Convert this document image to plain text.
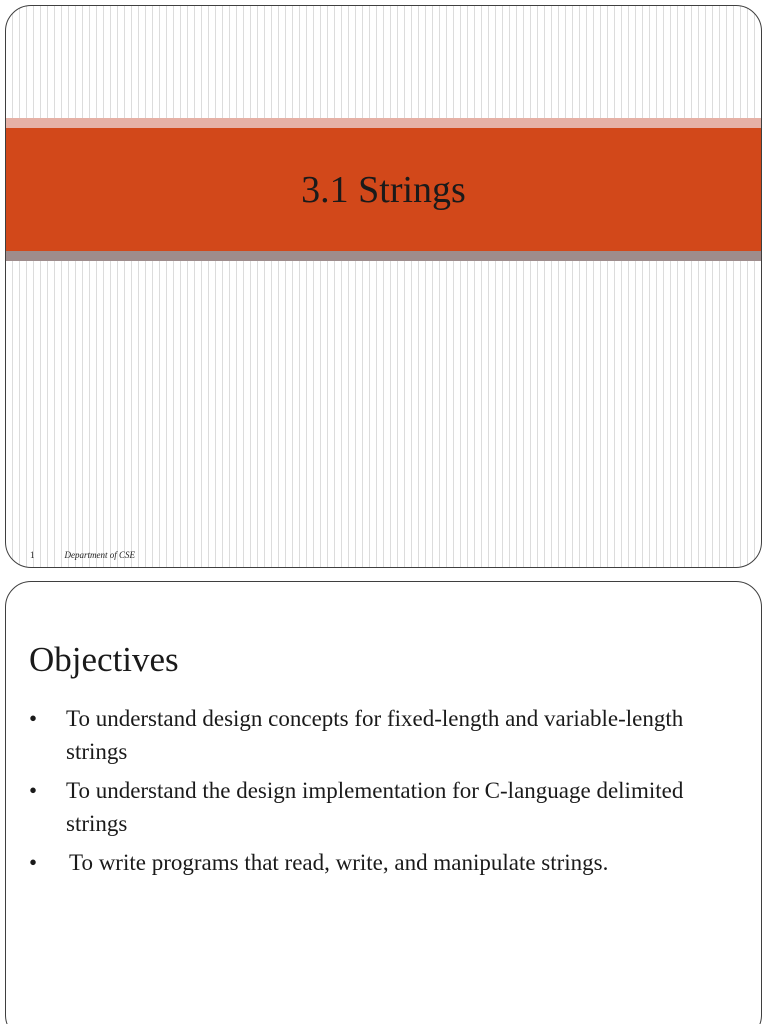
3.1 Strings
1	Department of CSE
Objectives
•	To understand design concepts for fixed-length and variable-length strings
•	To understand the design implementation for C-language delimited strings
•	To write programs that read, write, and manipulate strings.
